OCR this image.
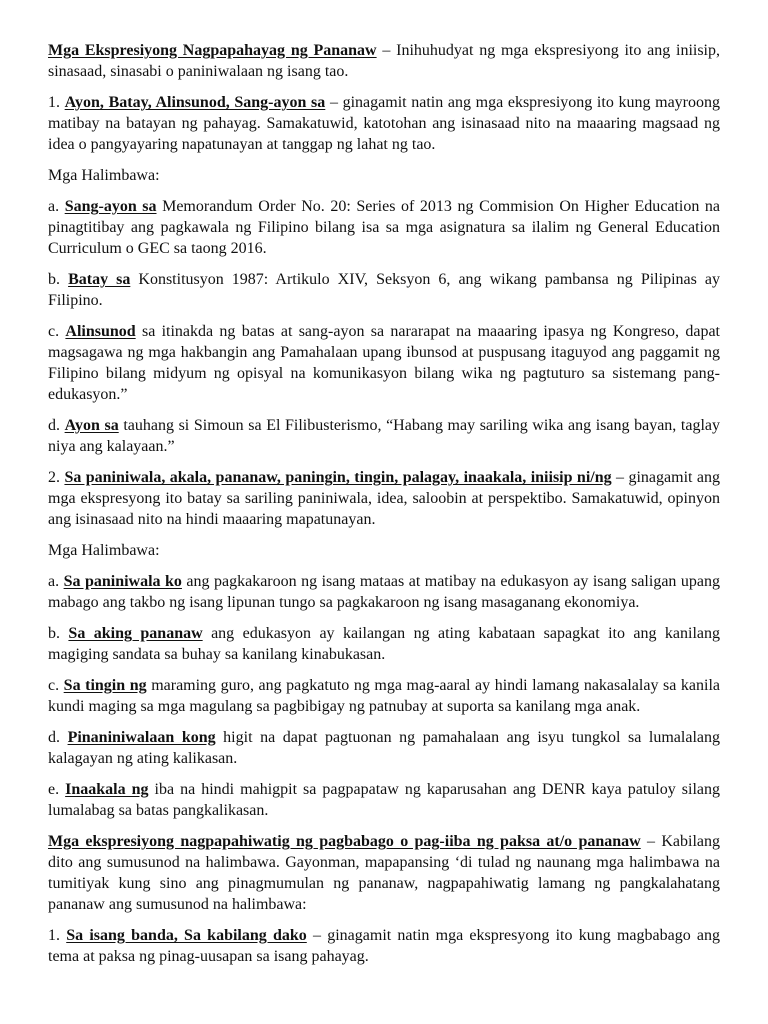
Mga Ekspresiyong Nagpapahayag ng Pananaw – Inihuhudyat ng mga ekspresiyong ito ang iniisip, sinasaad, sinasabi o paniniwalaan ng isang tao.

1. Ayon, Batay, Alinsunod, Sang-ayon sa – ginagamit natin ang mga ekspresiyong ito kung mayroong matibay na batayan ng pahayag. Samakatuwid, katotohan ang isinasaad nito na maaaring magsaad ng idea o pangyayaring napatunayan at tanggap ng lahat ng tao.

Mga Halimbawa:

a. Sang-ayon sa Memorandum Order No. 20: Series of 2013 ng Commision On Higher Education na pinagtitibay ang pagkawala ng Filipino bilang isa sa mga asignatura sa ilalim ng General Education Curriculum o GEC sa taong 2016.

b. Batay sa Konstitusyon 1987: Artikulo XIV, Seksyon 6, ang wikang pambansa ng Pilipinas ay Filipino.

c. Alinsunod sa itinakda ng batas at sang-ayon sa nararapat na maaaring ipasya ng Kongreso, dapat magsagawa ng mga hakbangin ang Pamahalaan upang ibunsod at puspusang itaguyod ang paggamit ng Filipino bilang midyum ng opisyal na komunikasyon bilang wika ng pagtuturo sa sistemang pang-edukasyon.”

d. Ayon sa tauhang si Simoun sa El Filibusterismo, “Habang may sariling wika ang isang bayan, taglay niya ang kalayaan.”

2. Sa paniniwala, akala, pananaw, paningin, tingin, palagay, inaakala, iniisip ni/ng – ginagamit ang mga ekspresyong ito batay sa sariling paniniwala, idea, saloobin at perspektibo. Samakatuwid, opinyon ang isinasaad nito na hindi maaaring mapatunayan.

Mga Halimbawa:

a. Sa paniniwala ko ang pagkakaroon ng isang mataas at matibay na edukasyon ay isang saligan upang mabago ang takbo ng isang lipunan tungo sa pagkakaroon ng isang masaganang ekonomiya.

b. Sa aking pananaw ang edukasyon ay kailangan ng ating kabataan sapagkat ito ang kanilang magiging sandata sa buhay sa kanilang kinabukasan.

c. Sa tingin ng maraming guro, ang pagkatuto ng mga mag-aaral ay hindi lamang nakasalalay sa kanila kundi maging sa mga magulang sa pagbibigay ng patnubay at suporta sa kanilang mga anak.

d. Pinaniniwalaan kong higit na dapat pagtuonan ng pamahalaan ang isyu tungkol sa lumalalang kalagayan ng ating kalikasan.

e. Inaakala ng iba na hindi mahigpit sa pagpapataw ng kaparusahan ang DENR kaya patuloy silang lumalabag sa batas pangkalikasan.

Mga ekspresiyong nagpapahiwatig ng pagbabago o pag-iiba ng paksa at/o pananaw – Kabilang dito ang sumusunod na halimbawa. Gayonman, mapapansing ‘di tulad ng naunang mga halimbawa na tumitiyak kung sino ang pinagmumulan ng pananaw, nagpapahiwatig lamang ng pangkalahatang pananaw ang sumusunod na halimbawa:

1. Sa isang banda, Sa kabilang dako – ginagamit natin mga ekspresyong ito kung magbabago ang tema at paksa ng pinag-uusapan sa isang pahayag.
